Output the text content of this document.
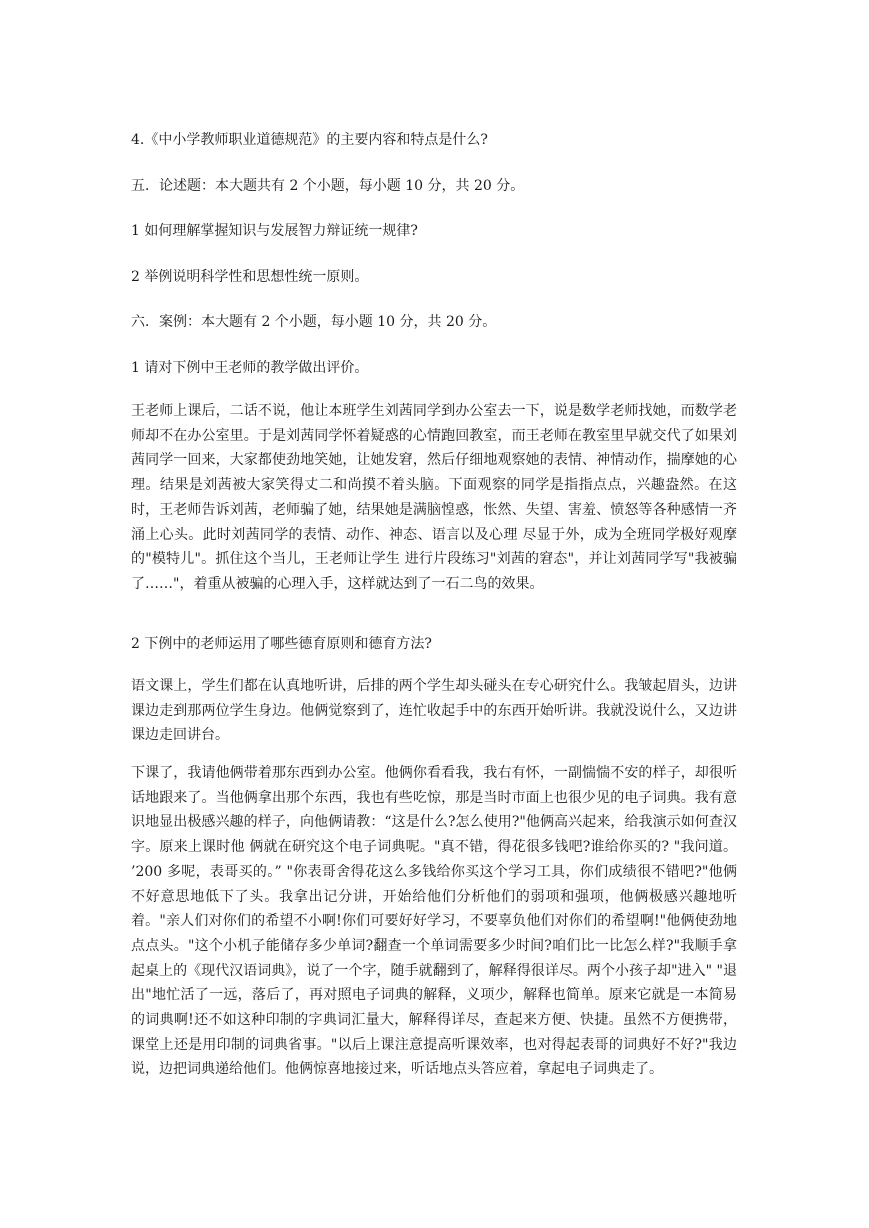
4.《中小学教师职业道德规范》的主要内容和特点是什么?

五．论述题：本大题共有 2 个小题，每小题 10 分，共 20 分。

1 如何理解掌握知识与发展智力辩证统一规律?

2 举例说明科学性和思想性统一原则。

六．案例：本大题有 2 个小题，每小题 10 分，共 20 分。

1 请对下例中王老师的教学做出评价。

王老师上课后，二话不说，他让本班学生刘茜同学到办公室去一下，说是数学老师找她，而数学老师却不在办公室里。于是刘茜同学怀着疑惑的心情跑回教室，而王老师在教室里早就交代了如果刘茜同学一回来，大家都使劲地笑她，让她发窘，然后仔细地观察她的表情、神情动作，揣摩她的心理。结果是刘茜被大家笑得丈二和尚摸不着头脑。下面观察的同学是指指点点，兴趣盎然。在这时，王老师告诉刘茜，老师骗了她，结果她是满脑惶惑，怅然、失望、害羞、愤怒等各种感情一齐涌上心头。此时刘茜同学的表情、动作、神态、语言以及心理 尽显于外，成为全班同学极好观摩的"模特儿"。抓住这个当儿，王老师让学生 进行片段练习"刘茜的窘态"，并让刘茜同学写"我被骗了……"，着重从被骗的心理入手，这样就达到了一石二鸟的效果。

2 下例中的老师运用了哪些德育原则和德育方法?

语文课上，学生们都在认真地听讲，后排的两个学生却头碰头在专心研究什么。我皱起眉头，边讲课边走到那两位学生身边。他俩觉察到了，连忙收起手中的东西开始听讲。我就没说什么，又边讲课边走回讲台。

下课了，我请他俩带着那东西到办公室。他俩你看看我，我右有怀，一副惴惴不安的样子，却很听话地跟来了。当他俩拿出那个东西，我也有些吃惊，那是当时市面上也很少见的电子词典。我有意识地显出极感兴趣的样子，向他俩请教：“这是什么?怎么使用?"他俩高兴起来，给我演示如何查汉字。原来上课时他 俩就在研究这个电子词典呢。"真不错，得花很多钱吧?谁给你买的? "我问道。 ’200 多呢，表哥买的。” "你表哥舍得花这么多钱给你买这个学习工具，你们成绩很不错吧?"他俩不好意思地低下了头。我拿出记分讲，开始给他们分析他们的弱项和强项，他俩极感兴趣地听着。"亲人们对你们的希望不小啊!你们可要好好学习，不要辜负他们对你们的希望啊!"他俩使劲地点点头。"这个小机子能储存多少单词?翻查一个单词需要多少时间?咱们比一比怎么样?"我顺手拿起桌上的《现代汉语词典》，说了一个字，随手就翻到了，解释得很详尽。两个小孩子却"进入" "退出"地忙活了一远，落后了，再对照电子词典的解释，义项少，解释也简单。原来它就是一本简易的词典啊!还不如这种印制的字典词汇量大，解释得详尽，查起来方便、快捷。虽然不方便携带，课堂上还是用印制的词典省事。"以后上课注意提高听课效率，也对得起表哥的词典好不好?"我边说，边把词典递给他们。他俩惊喜地接过来，听话地点头答应着，拿起电子词典走了。
